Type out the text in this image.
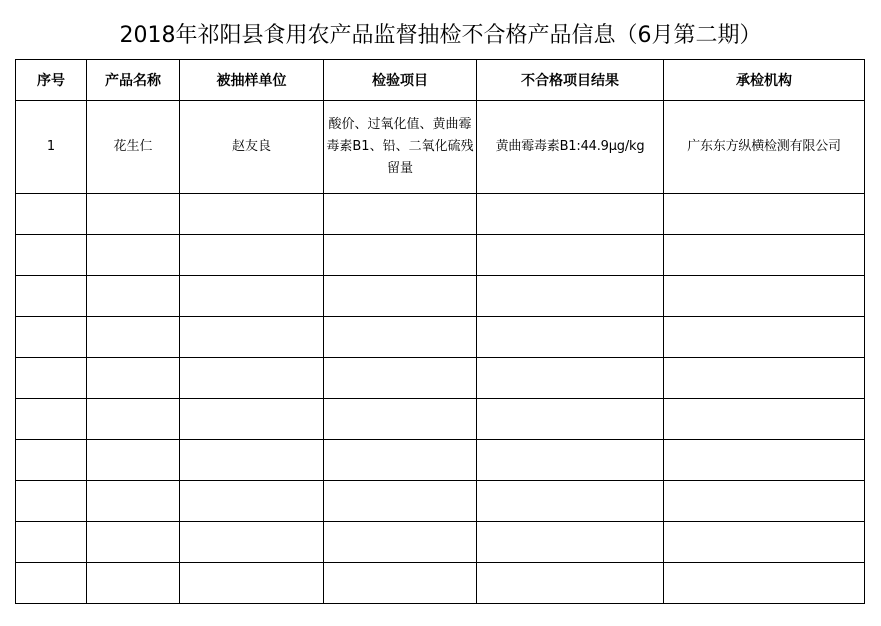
2018年祁阳县食用农产品监督抽检不合格产品信息（6月第二期）
序号	产品名称	被抽样单位	检验项目	不合格项目结果	承检机构
1	花生仁	赵友良	酸价、过氧化值、黄曲霉毒素B1、铅、二氧化硫残留量	黄曲霉毒素B1:44.9μg/kg	广东东方纵横检测有限公司
